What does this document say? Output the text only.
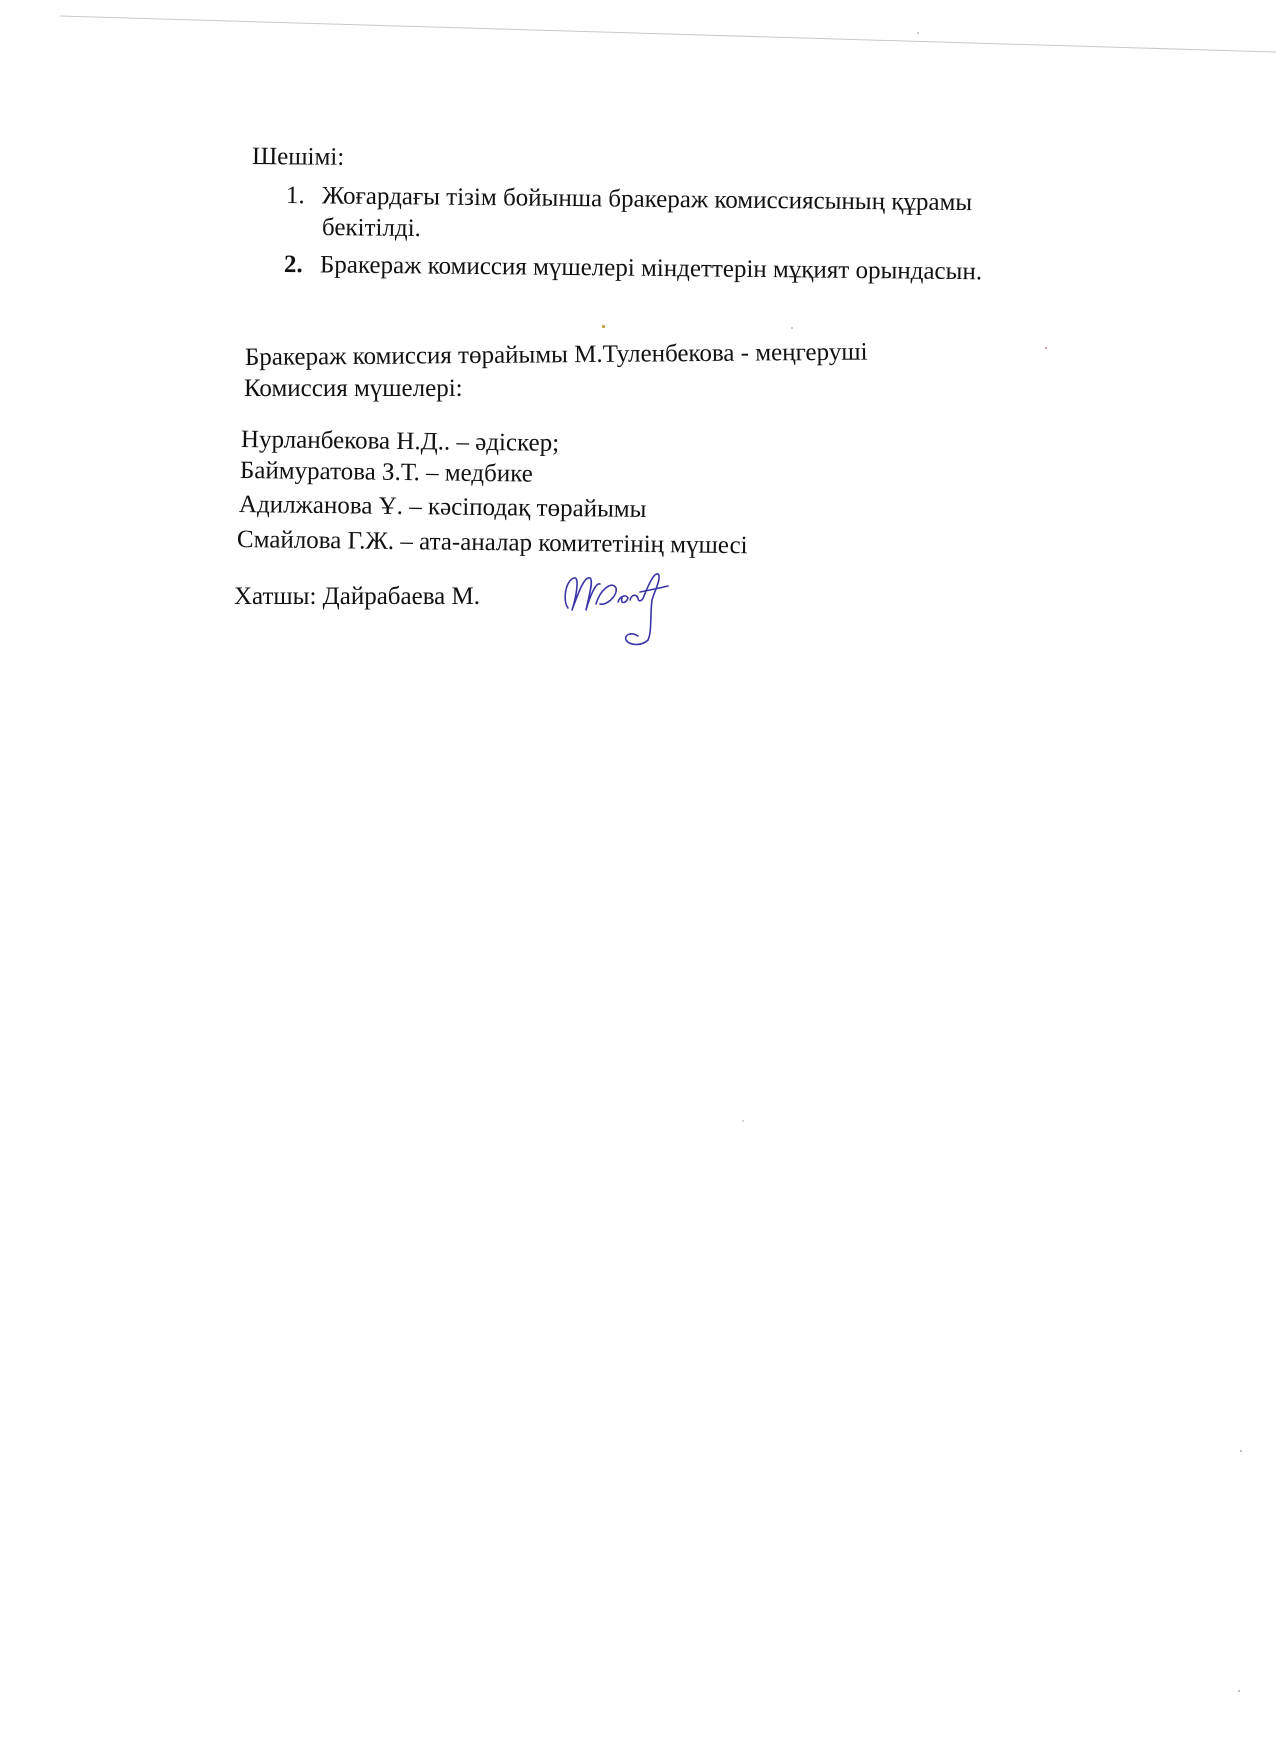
Шешімі:
1. Жоғардағы тізім бойынша бракераж комиссиясының құрамы
бекітілді.
2. Бракераж комиссия мүшелері міндеттерін мұқият орындасын.
Бракераж комиссия төрайымы М.Туленбекова - меңгеруші
Комиссия мүшелері:
Нурланбекова Н.Д.. – әдіскер;
Баймуратова З.Т. – медбике
Адилжанова Ұ. – кәсіподақ төрайымы
Смайлова Г.Ж. – ата-аналар комитетінің мүшесі
Хатшы: Дайрабаева М.
